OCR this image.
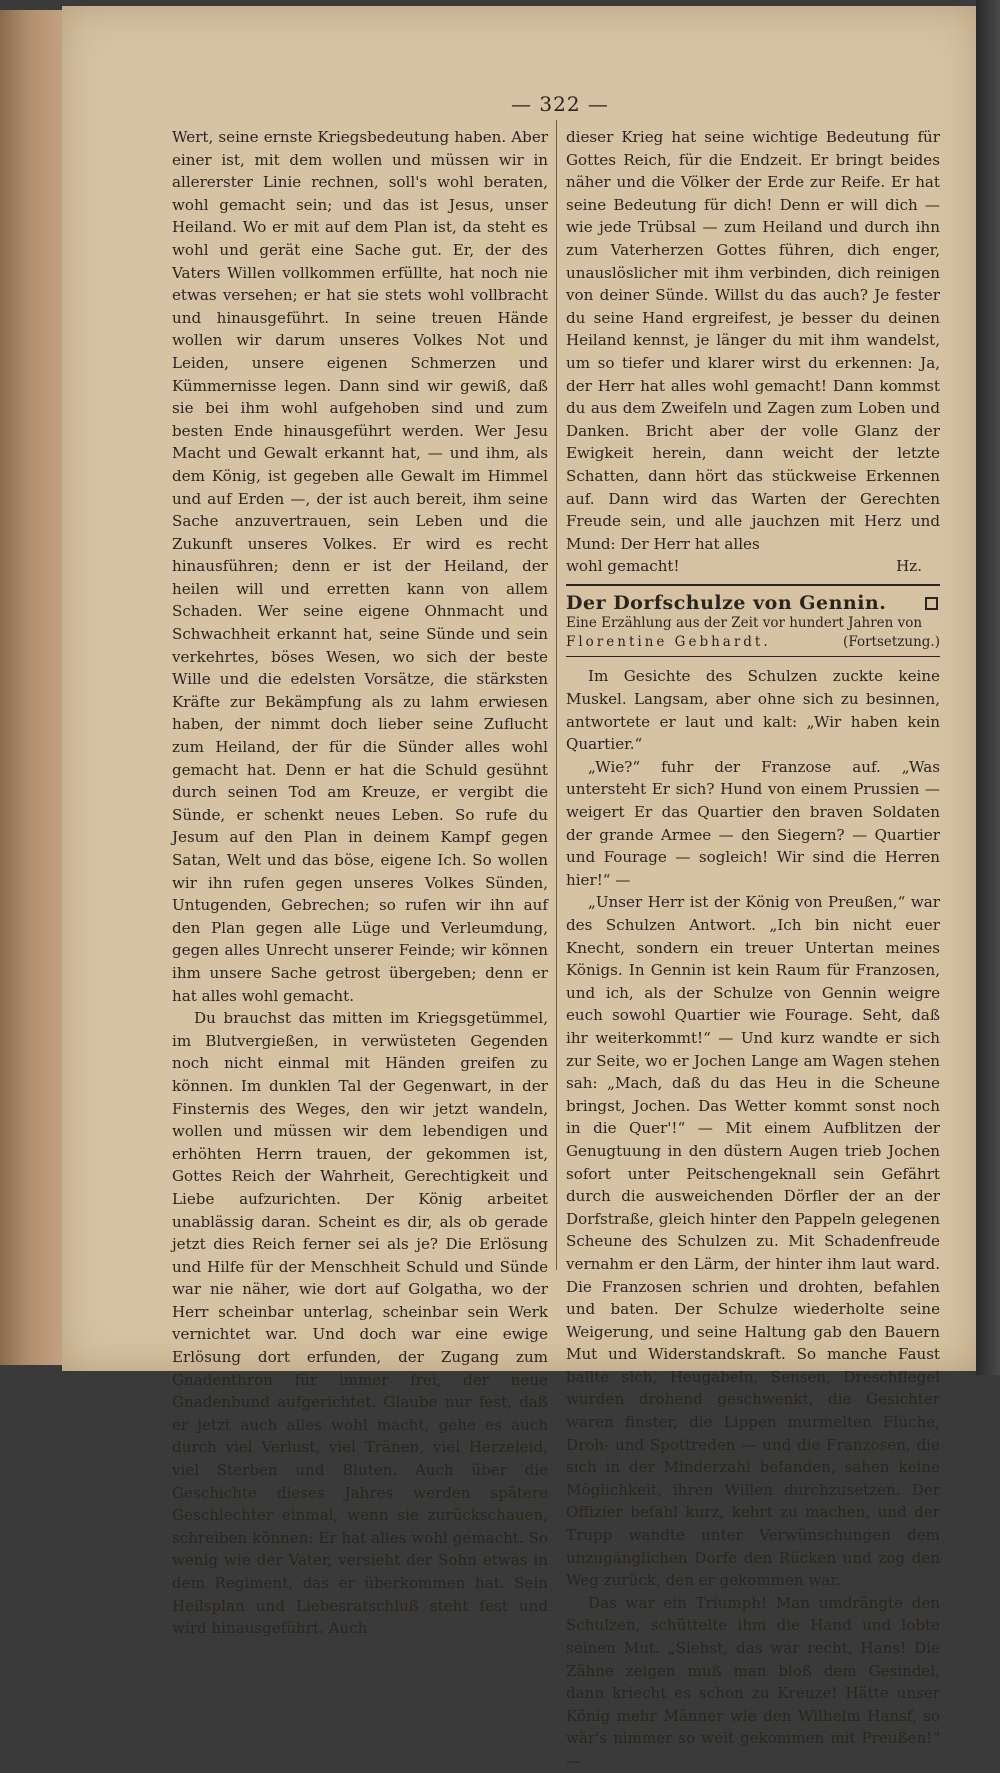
— 322 —

Wert, seine ernste Kriegsbedeutung haben. Aber einer ist, mit dem wollen und müssen wir in allererster Linie rechnen, soll's wohl beraten, wohl gemacht sein; und das ist Jesus, unser Heiland. Wo er mit auf dem Plan ist, da steht es wohl und gerät eine Sache gut. Er, der des Vaters Willen vollkommen erfüllte, hat noch nie etwas versehen; er hat sie stets wohl vollbracht und hinausgeführt. In seine treuen Hände wollen wir darum unseres Volkes Not und Leiden, unsere eigenen Schmerzen und Kümmernisse legen. Dann sind wir gewiß, daß sie bei ihm wohl aufgehoben sind und zum besten Ende hinausgeführt werden. Wer Jesu Macht und Gewalt erkannt hat, — und ihm, als dem König, ist gegeben alle Gewalt im Himmel und auf Erden —, der ist auch bereit, ihm seine Sache anzuvertrauen, sein Leben und die Zukunft unseres Volkes. Er wird es recht hinausführen; denn er ist der Heiland, der heilen will und erretten kann von allem Schaden. Wer seine eigene Ohnmacht und Schwachheit erkannt hat, seine Sünde und sein verkehrtes, böses Wesen, wo sich der beste Wille und die edelsten Vorsätze, die stärksten Kräfte zur Bekämpfung als zu lahm erwiesen haben, der nimmt doch lieber seine Zuflucht zum Heiland, der für die Sünder alles wohl gemacht hat. Denn er hat die Schuld gesühnt durch seinen Tod am Kreuze, er vergibt die Sünde, er schenkt neues Leben. So rufe du Jesum auf den Plan in deinem Kampf gegen Satan, Welt und das böse, eigene Ich. So wollen wir ihn rufen gegen unseres Volkes Sünden, Untugenden, Gebrechen; so rufen wir ihn auf den Plan gegen alle Lüge und Verleumdung, gegen alles Unrecht unserer Feinde; wir können ihm unsere Sache getrost übergeben; denn er hat alles wohl gemacht.

Du brauchst das mitten im Kriegsgetümmel, im Blutvergießen, in verwüsteten Gegenden noch nicht einmal mit Händen greifen zu können. Im dunklen Tal der Gegenwart, in der Finsternis des Weges, den wir jetzt wandeln, wollen und müssen wir dem lebendigen und erhöhten Herrn trauen, der gekommen ist, Gottes Reich der Wahrheit, Gerechtigkeit und Liebe aufzurichten. Der König arbeitet unablässig daran. Scheint es dir, als ob gerade jetzt dies Reich ferner sei als je? Die Erlösung und Hilfe für der Menschheit Schuld und Sünde war nie näher, wie dort auf Golgatha, wo der Herr scheinbar unterlag, scheinbar sein Werk vernichtet war. Und doch war eine ewige Erlösung dort erfunden, der Zugang zum Gnadenthron für immer frei, der neue Gnadenbund aufgerichtet. Glaube nur fest, daß er jetzt auch alles wohl macht, gehe es auch durch viel Verlust, viel Tränen, viel Herzeleid, viel Sterben und Bluten. Auch über die Geschichte dieses Jahres werden spätere Geschlechter einmal, wenn sie zurückschauen, schreiben können: Er hat alles wohl gemacht. So wenig wie der Vater, versieht der Sohn etwas in dem Regiment, das er überkommen hat. Sein Heilsplan und Liebesratschluß steht fest und wird hinausgeführt. Auch

dieser Krieg hat seine wichtige Bedeutung für Gottes Reich, für die Endzeit. Er bringt beides näher und die Völker der Erde zur Reife. Er hat seine Bedeutung für dich! Denn er will dich — wie jede Trübsal — zum Heiland und durch ihn zum Vaterherzen Gottes führen, dich enger, unauslöslicher mit ihm verbinden, dich reinigen von deiner Sünde. Willst du das auch? Je fester du seine Hand ergreifest, je besser du deinen Heiland kennst, je länger du mit ihm wandelst, um so tiefer und klarer wirst du erkennen: Ja, der Herr hat alles wohl gemacht! Dann kommst du aus dem Zweifeln und Zagen zum Loben und Danken. Bricht aber der volle Glanz der Ewigkeit herein, dann weicht der letzte Schatten, dann hört das stückweise Erkennen auf. Dann wird das Warten der Gerechten Freude sein, und alle jauchzen mit Herz und Mund: Der Herr hat alles

wohl gemacht!	Hz.
Der Dorfschulze von Gennin.
Eine Erzählung aus der Zeit vor hundert Jahren von
Florentine Gebhardt.	(Fortsetzung.)

Im Gesichte des Schulzen zuckte keine Muskel. Langsam, aber ohne sich zu besinnen, antwortete er laut und kalt: „Wir haben kein Quartier.“

„Wie?“ fuhr der Franzose auf. „Was untersteht Er sich? Hund von einem Prussien — weigert Er das Quartier den braven Soldaten der grande Armee — den Siegern? — Quartier und Fourage — sogleich! Wir sind die Herren hier!“ —

„Unser Herr ist der König von Preußen,“ war des Schulzen Antwort. „Ich bin nicht euer Knecht, sondern ein treuer Untertan meines Königs. In Gennin ist kein Raum für Franzosen, und ich, als der Schulze von Gennin weigre euch sowohl Quartier wie Fourage. Seht, daß ihr weiterkommt!“ — Und kurz wandte er sich zur Seite, wo er Jochen Lange am Wagen stehen sah: „Mach, daß du das Heu in die Scheune bringst, Jochen. Das Wetter kommt sonst noch in die Quer'!“ — Mit einem Aufblitzen der Genugtuung in den düstern Augen trieb Jochen sofort unter Peitschengeknall sein Gefährt durch die ausweichenden Dörfler der an der Dorfstraße, gleich hinter den Pappeln gelegenen Scheune des Schulzen zu. Mit Schadenfreude vernahm er den Lärm, der hinter ihm laut ward. Die Franzosen schrien und drohten, befahlen und baten. Der Schulze wiederholte seine Weigerung, und seine Haltung gab den Bauern Mut und Widerstandskraft. So manche Faust ballte sich, Heugabeln, Sensen, Dreschflegel wurden drohend geschwenkt, die Gesichter waren finster, die Lippen murmelten Flüche, Droh- und Spottreden — und die Franzosen, die sich in der Minderzahl befanden, sahen keine Möglichkeit, ihren Willen durchzusetzen. Der Offizier befahl kurz, kehrt zu machen, und der Trupp wandte unter Verwünschungen dem unzugänglichen Dorfe den Rücken und zog den Weg zurück, den er gekommen war.

Das war ein Triumph! Man umdrängte den Schulzen, schüttelte ihm die Hand und lobte seinen Mut. „Siehst, das war recht, Hans! Die Zähne zeigen muß man bloß dem Gesindel, dann kriecht es schon zu Kreuze! Hätte unser König mehr Männer wie den Wilhelm Hansf, so wär's nimmer so weit gekommen mit Preußen!“ —
